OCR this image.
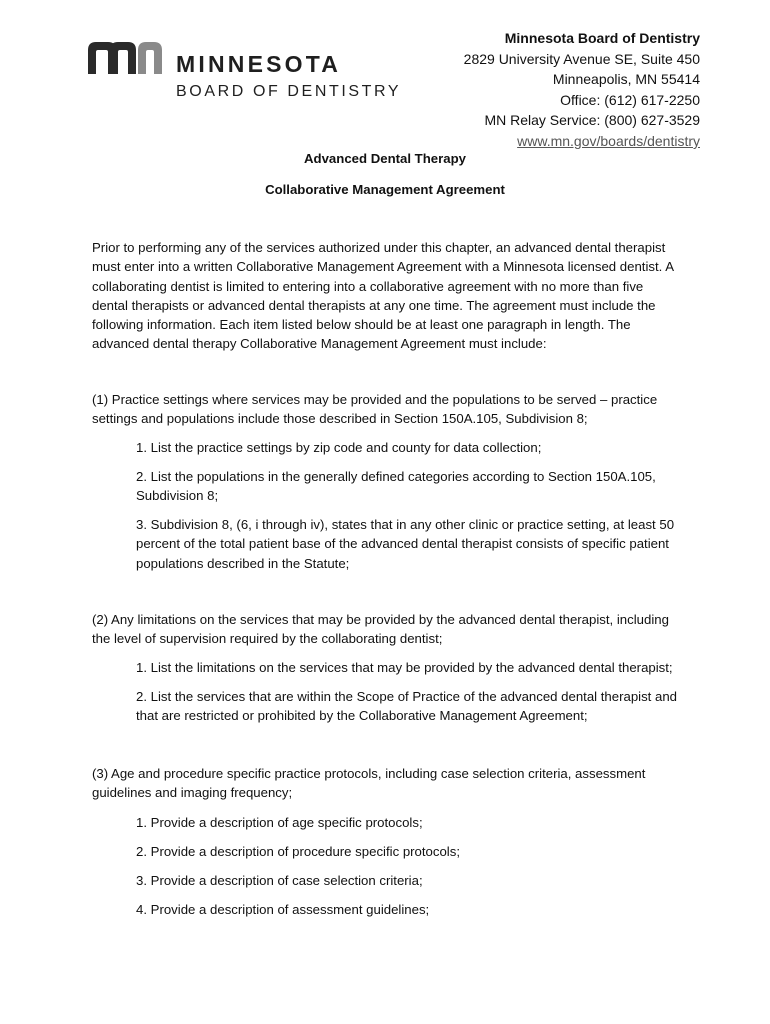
MINNESOTA
BOARD OF DENTISTRY
Minnesota Board of Dentistry
2829 University Avenue SE, Suite 450
Minneapolis, MN 55414
Office: (612) 617-2250
MN Relay Service: (800) 627-3529
www.mn.gov/boards/dentistry
Advanced Dental Therapy
Collaborative Management Agreement

Prior to performing any of the services authorized under this chapter, an advanced dental therapist must enter into a written Collaborative Management Agreement with a Minnesota licensed dentist. A collaborating dentist is limited to entering into a collaborative agreement with no more than five dental therapists or advanced dental therapists at any one time. The agreement must include the following information. Each item listed below should be at least one paragraph in length. The advanced dental therapy Collaborative Management Agreement must include:

(1) Practice settings where services may be provided and the populations to be served – practice settings and populations include those described in Section 150A.105, Subdivision 8;

1. List the practice settings by zip code and county for data collection;

2. List the populations in the generally defined categories according to Section 150A.105, Subdivision 8;

3. Subdivision 8, (6, i through iv), states that in any other clinic or practice setting, at least 50 percent of the total patient base of the advanced dental therapist consists of specific patient populations described in the Statute;

(2) Any limitations on the services that may be provided by the advanced dental therapist, including the level of supervision required by the collaborating dentist;

1. List the limitations on the services that may be provided by the advanced dental therapist;

2. List the services that are within the Scope of Practice of the advanced dental therapist and that are restricted or prohibited by the Collaborative Management Agreement;

(3) Age and procedure specific practice protocols, including case selection criteria, assessment guidelines and imaging frequency;

1. Provide a description of age specific protocols;

2. Provide a description of procedure specific protocols;

3. Provide a description of case selection criteria;

4. Provide a description of assessment guidelines;
